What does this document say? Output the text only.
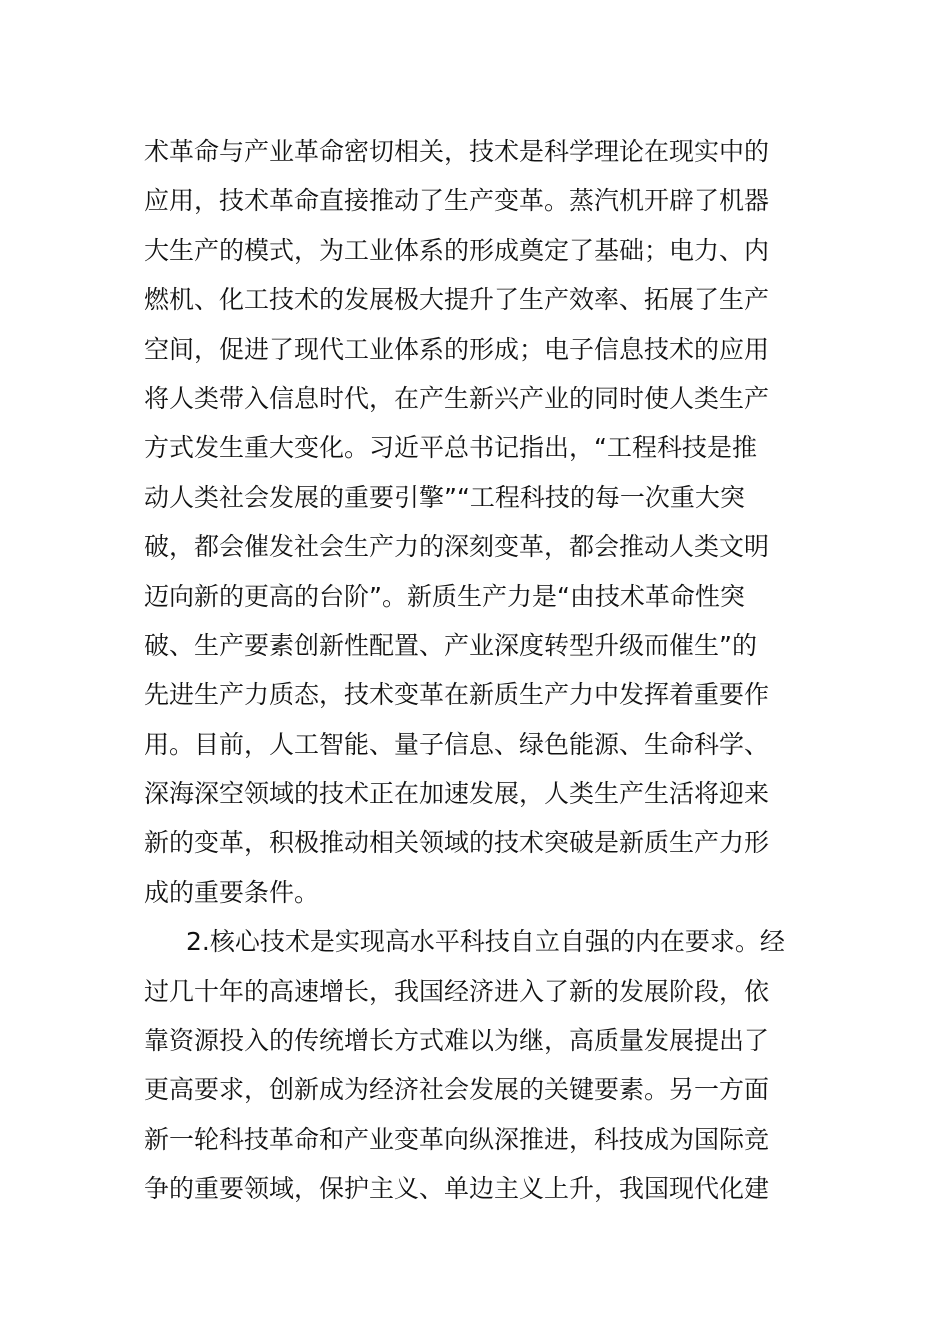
术革命与产业革命密切相关，技术是科学理论在现实中的
应用，技术革命直接推动了生产变革。蒸汽机开辟了机器
大生产的模式，为工业体系的形成奠定了基础；电力、内
燃机、化工技术的发展极大提升了生产效率、拓展了生产
空间，促进了现代工业体系的形成；电子信息技术的应用
将人类带入信息时代，在产生新兴产业的同时使人类生产
方式发生重大变化。习近平总书记指出，“工程科技是推
动人类社会发展的重要引擎”“工程科技的每一次重大突
破，都会催发社会生产力的深刻变革，都会推动人类文明
迈向新的更高的台阶”。新质生产力是“由技术革命性突
破、生产要素创新性配置、产业深度转型升级而催生”的
先进生产力质态，技术变革在新质生产力中发挥着重要作
用。目前，人工智能、量子信息、绿色能源、生命科学、
深海深空领域的技术正在加速发展，人类生产生活将迎来
新的变革，积极推动相关领域的技术突破是新质生产力形
成的重要条件。
2.核心技术是实现高水平科技自立自强的内在要求。经
过几十年的高速增长，我国经济进入了新的发展阶段，依
靠资源投入的传统增长方式难以为继，高质量发展提出了
更高要求，创新成为经济社会发展的关键要素。另一方面
新一轮科技革命和产业变革向纵深推进，科技成为国际竞
争的重要领域，保护主义、单边主义上升，我国现代化建
